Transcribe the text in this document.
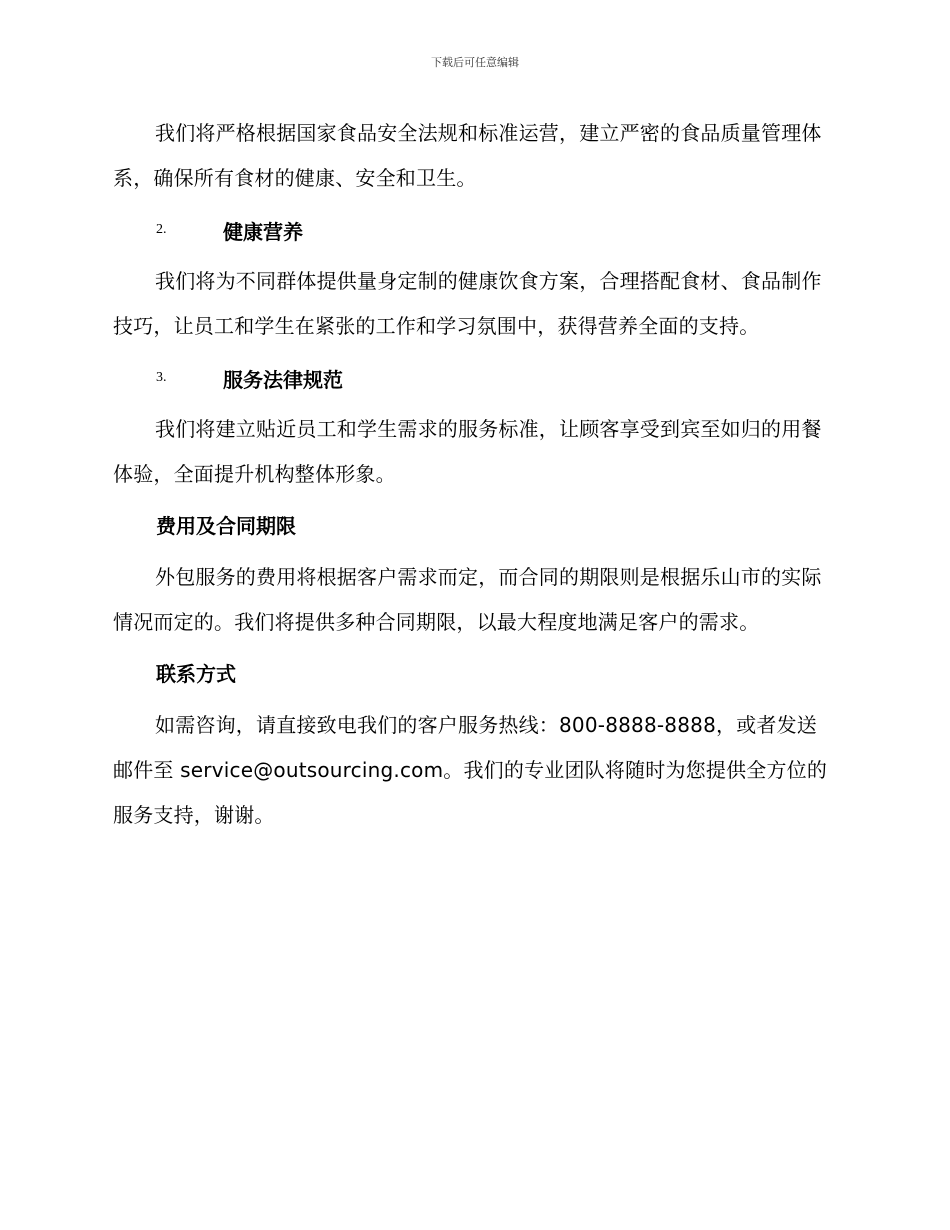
下载后可任意编辑

我们将严格根据国家食品安全法规和标准运营，建立严密的食品质量管理体系，确保所有食材的健康、安全和卫生。

2.	健康营养

我们将为不同群体提供量身定制的健康饮食方案，合理搭配食材、食品制作技巧，让员工和学生在紧张的工作和学习氛围中，获得营养全面的支持。

3.	服务法律规范

我们将建立贴近员工和学生需求的服务标准，让顾客享受到宾至如归的用餐体验，全面提升机构整体形象。

费用及合同期限

外包服务的费用将根据客户需求而定，而合同的期限则是根据乐山市的实际情况而定的。我们将提供多种合同期限，以最大程度地满足客户的需求。

联系方式

如需咨询，请直接致电我们的客户服务热线：800-8888-8888，或者发送邮件至 service@outsourcing.com。我们的专业团队将随时为您提供全方位的服务支持，谢谢。
